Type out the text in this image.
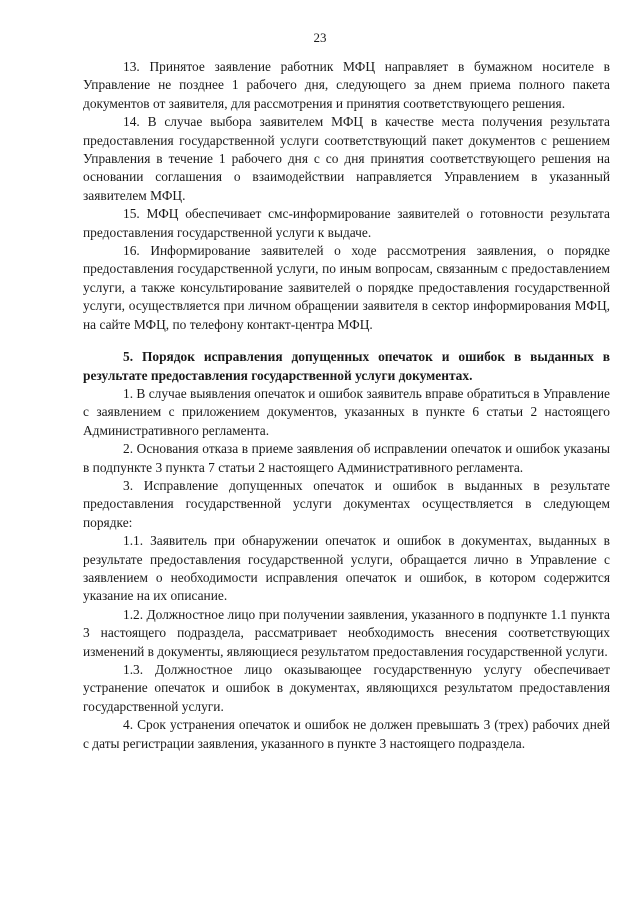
23

13. Принятое заявление работник МФЦ направляет в бумажном носителе в Управление не позднее 1 рабочего дня, следующего за днем приема полного пакета документов от заявителя, для рассмотрения и принятия соответствующего решения.

14. В случае выбора заявителем МФЦ в качестве места получения результата предоставления государственной услуги соответствующий пакет документов с решением Управления в течение 1 рабочего дня с со дня принятия соответствующего решения на основании соглашения о взаимодействии направляется Управлением в указанный заявителем МФЦ.

15. МФЦ обеспечивает смс-информирование заявителей о готовности результата предоставления государственной услуги к выдаче.

16. Информирование заявителей о ходе рассмотрения заявления, о порядке предоставления государственной услуги, по иным вопросам, связанным с предоставлением услуги, а также консультирование заявителей о порядке предоставления государственной услуги, осуществляется при личном обращении заявителя в сектор информирования МФЦ, на сайте МФЦ, по телефону контакт-центра МФЦ.

5. Порядок исправления допущенных опечаток и ошибок в выданных в результате предоставления государственной услуги документах.

1. В случае выявления опечаток и ошибок заявитель вправе обратиться в Управление с заявлением с приложением документов, указанных в пункте 6 статьи 2 настоящего Административного регламента.

2. Основания отказа в приеме заявления об исправлении опечаток и ошибок указаны в подпункте 3 пункта 7 статьи 2 настоящего Административного регламента.

3. Исправление допущенных опечаток и ошибок в выданных в результате предоставления государственной услуги документах осуществляется в следующем порядке:

1.1. Заявитель при обнаружении опечаток и ошибок в документах, выданных в результате предоставления государственной услуги, обращается лично в Управление с заявлением о необходимости исправления опечаток и ошибок, в котором содержится указание на их описание.

1.2. Должностное лицо при получении заявления, указанного в подпункте 1.1 пункта 3 настоящего подраздела, рассматривает необходимость внесения соответствующих изменений в документы, являющиеся результатом предоставления государственной услуги.

1.3. Должностное лицо оказывающее государственную услугу обеспечивает устранение опечаток и ошибок в документах, являющихся результатом предоставления государственной услуги.

4. Срок устранения опечаток и ошибок не должен превышать 3 (трех) рабочих дней с даты регистрации заявления, указанного в пункте 3 настоящего подраздела.
